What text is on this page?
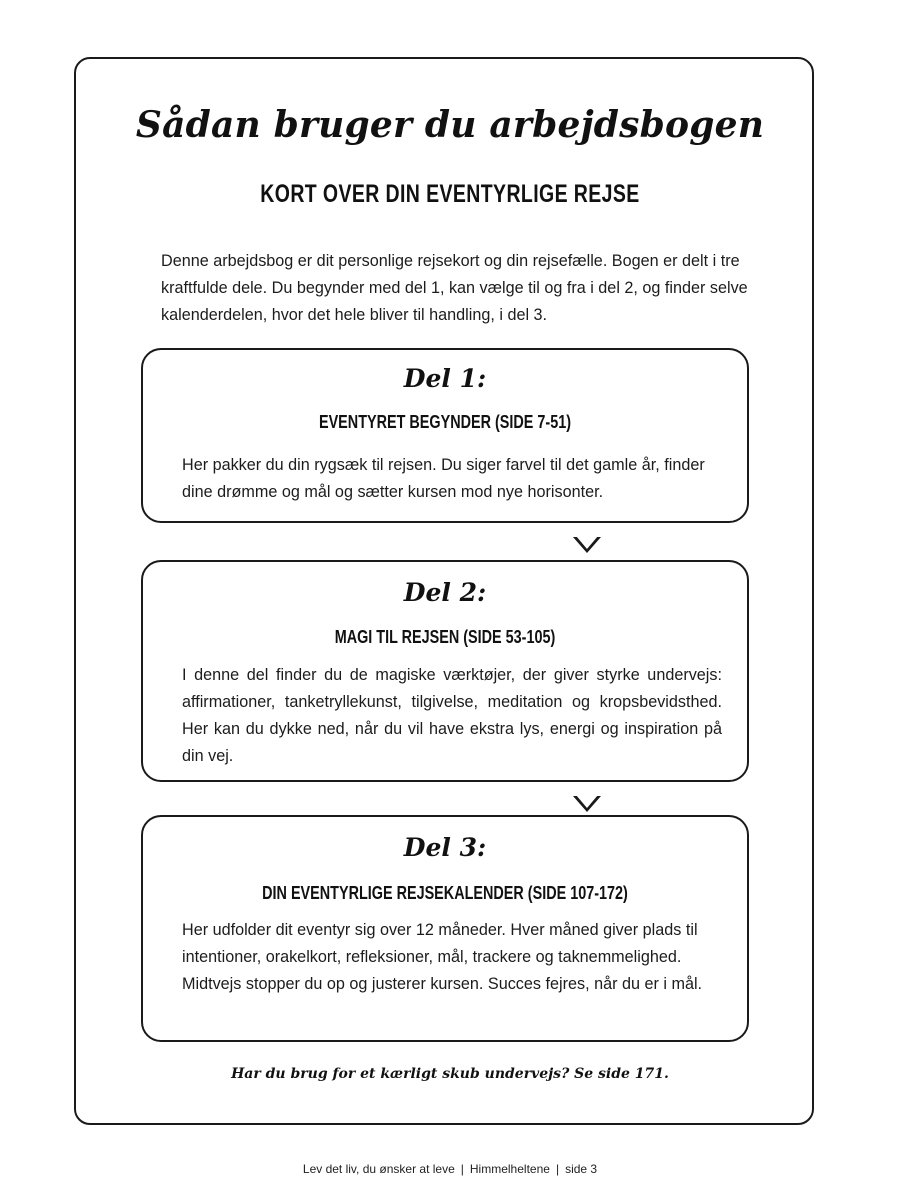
Sådan bruger du arbejdsbogen
KORT OVER DIN EVENTYRLIGE REJSE
Denne arbejdsbog er dit personlige rejsekort og din rejsefælle. Bogen er delt i tre kraftfulde dele. Du begynder med del 1, kan vælge til og fra i del 2, og finder selve kalenderdelen, hvor det hele bliver til handling, i del 3.
Del 1:
EVENTYRET BEGYNDER (SIDE 7-51)
Her pakker du din rygsæk til rejsen. Du siger farvel til det gamle år, finder dine drømme og mål og sætter kursen mod nye horisonter.
Del 2:
MAGI TIL REJSEN (SIDE 53-105)
I denne del finder du de magiske værktøjer, der giver styrke undervejs: affirmationer, tanketryllekunst, tilgivelse, meditation og kropsbevidsthed. Her kan du dykke ned, når du vil have ekstra lys, energi og inspiration på din vej.
Del 3:
DIN EVENTYRLIGE REJSEKALENDER (SIDE 107-172)
Her udfolder dit eventyr sig over 12 måneder. Hver måned giver plads til intentioner, orakelkort, refleksioner, mål, trackere og taknemmelighed. Midtvejs stopper du op og justerer kursen. Succes fejres, når du er i mål.
Har du brug for et kærligt skub undervejs? Se side 171.
Lev det liv, du ønsker at leve | Himmelheltene | side 3
